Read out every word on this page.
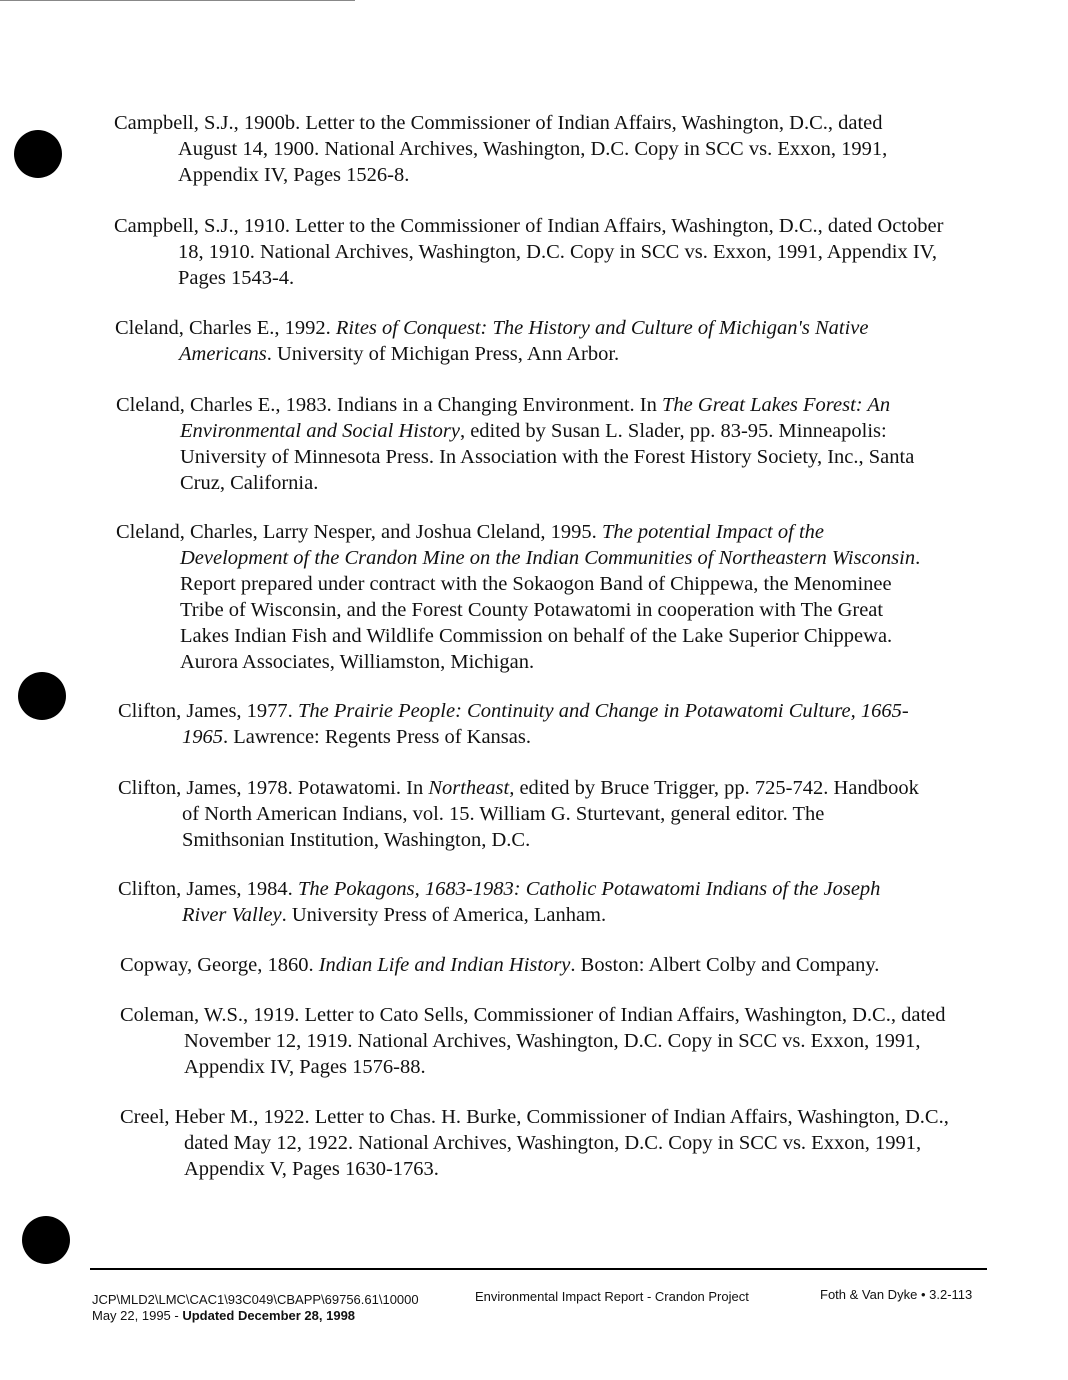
Campbell, S.J., 1900b. Letter to the Commissioner of Indian Affairs, Washington, D.C., dated August 14, 1900. National Archives, Washington, D.C. Copy in SCC vs. Exxon, 1991, Appendix IV, Pages 1526-8.

Campbell, S.J., 1910. Letter to the Commissioner of Indian Affairs, Washington, D.C., dated October 18, 1910. National Archives, Washington, D.C. Copy in SCC vs. Exxon, 1991, Appendix IV, Pages 1543-4.

Cleland, Charles E., 1992. Rites of Conquest: The History and Culture of Michigan's Native Americans. University of Michigan Press, Ann Arbor.

Cleland, Charles E., 1983. Indians in a Changing Environment. In The Great Lakes Forest: An Environmental and Social History, edited by Susan L. Slader, pp. 83-95. Minneapolis: University of Minnesota Press. In Association with the Forest History Society, Inc., Santa Cruz, California.

Cleland, Charles, Larry Nesper, and Joshua Cleland, 1995. The potential Impact of the Development of the Crandon Mine on the Indian Communities of Northeastern Wisconsin. Report prepared under contract with the Sokaogon Band of Chippewa, the Menominee Tribe of Wisconsin, and the Forest County Potawatomi in cooperation with The Great Lakes Indian Fish and Wildlife Commission on behalf of the Lake Superior Chippewa. Aurora Associates, Williamston, Michigan.

Clifton, James, 1977. The Prairie People: Continuity and Change in Potawatomi Culture, 1665-1965. Lawrence: Regents Press of Kansas.

Clifton, James, 1978. Potawatomi. In Northeast, edited by Bruce Trigger, pp. 725-742. Handbook of North American Indians, vol. 15. William G. Sturtevant, general editor. The Smithsonian Institution, Washington, D.C.

Clifton, James, 1984. The Pokagons, 1683-1983: Catholic Potawatomi Indians of the Joseph River Valley. University Press of America, Lanham.

Copway, George, 1860. Indian Life and Indian History. Boston: Albert Colby and Company.

Coleman, W.S., 1919. Letter to Cato Sells, Commissioner of Indian Affairs, Washington, D.C., dated November 12, 1919. National Archives, Washington, D.C. Copy in SCC vs. Exxon, 1991, Appendix IV, Pages 1576-88.

Creel, Heber M., 1922. Letter to Chas. H. Burke, Commissioner of Indian Affairs, Washington, D.C., dated May 12, 1922. National Archives, Washington, D.C. Copy in SCC vs. Exxon, 1991, Appendix V, Pages 1630-1763.

JCP\MLD2\LMC\CAC1\93C049\CBAPP\69756.61\10000
May 22, 1995 - Updated December 28, 1998
Environmental Impact Report - Crandon Project	Foth & Van Dyke • 3.2-113
